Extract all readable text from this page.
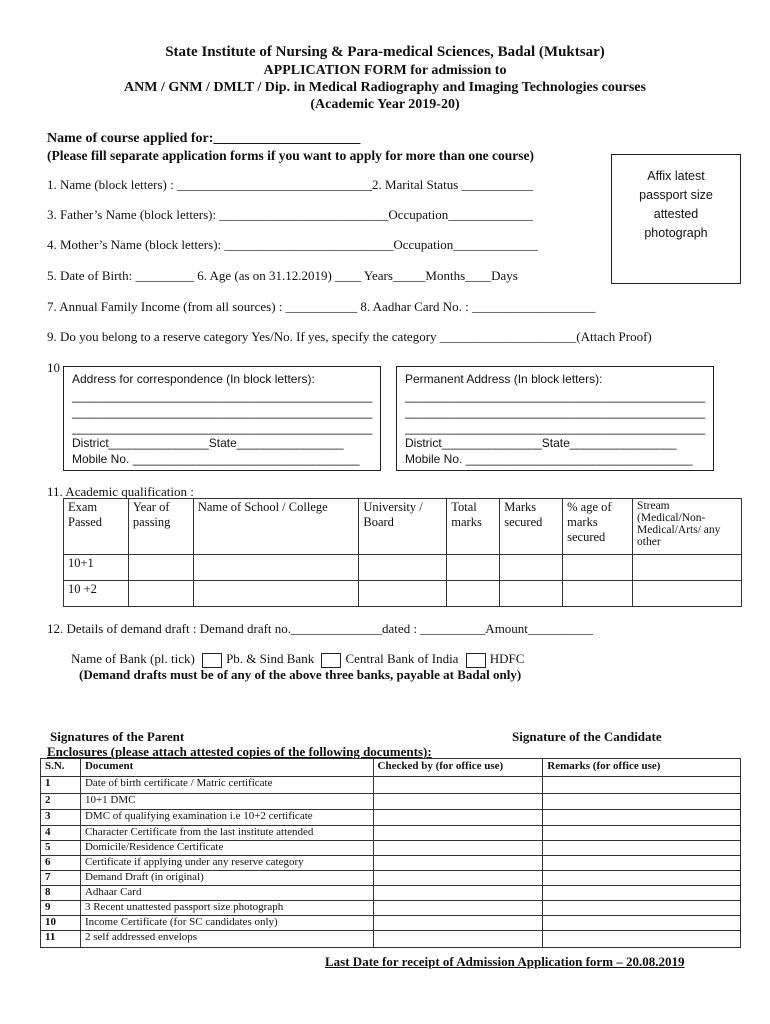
State Institute of Nursing & Para-medical Sciences, Badal (Muktsar)
APPLICATION FORM for admission to
ANM / GNM / DMLT / Dip. in Medical Radiography and Imaging Technologies courses
(Academic Year 2019-20)
Name of course applied for:_____________________
(Please fill separate application forms if you want to apply for more than one course)
Affix latest passport size attested photograph
1. Name (block letters) : ______________________________2. Marital Status ___________
3. Father’s Name (block letters): __________________________Occupation_____________
4. Mother’s Name (block letters): __________________________Occupation_____________
5. Date of Birth: _________ 6. Age (as on 31.12.2019) ____ Years_____Months____Days
7. Annual Family Income (from all sources) : ___________ 8. Aadhar Card No. : ___________________
9. Do you belong to a reserve category Yes/No. If yes, specify the category _____________________(Attach Proof)
10
Address for correspondence (In block letters):
_____________________________________________
_____________________________________________
_____________________________________________
District_______________State________________
Mobile No. __________________________________
Permanent Address (In block letters):
_____________________________________________
_____________________________________________
_____________________________________________
District_______________State________________
Mobile No. __________________________________
11. Academic qualification :
Exam Passed	Year of passing	Name of School / College	University / Board	Total marks	Marks secured	% age of marks secured	Stream (Medical/Non-Medical/Arts/ any other
10+1							
10 +2							
12. Details of demand draft : Demand draft no.______________dated : __________Amount__________
Name of Bank (pl. tick) Pb. & Sind Bank Central Bank of India HDFC
(Demand drafts must be of any of the above three banks, payable at Badal only)
Signatures of the Parent	Signature of the Candidate
Enclosures (please attach attested copies of the following documents):
S.N.	Document	Checked by (for office use)	Remarks (for office use)
1	Date of birth certificate / Matric certificate		
2	10+1 DMC		
3	DMC of qualifying examination i.e 10+2 certificate		
4	Character Certificate from the last institute attended		
5	Domicile/Residence Certificate		
6	Certificate if applying under any reserve category		
7	Demand Draft (in original)		
8	Adhaar Card		
9	3 Recent unattested passport size photograph		
10	Income Certificate (for SC candidates only)		
11	2 self addressed envelops		
Last Date for receipt of Admission Application form – 20.08.2019
